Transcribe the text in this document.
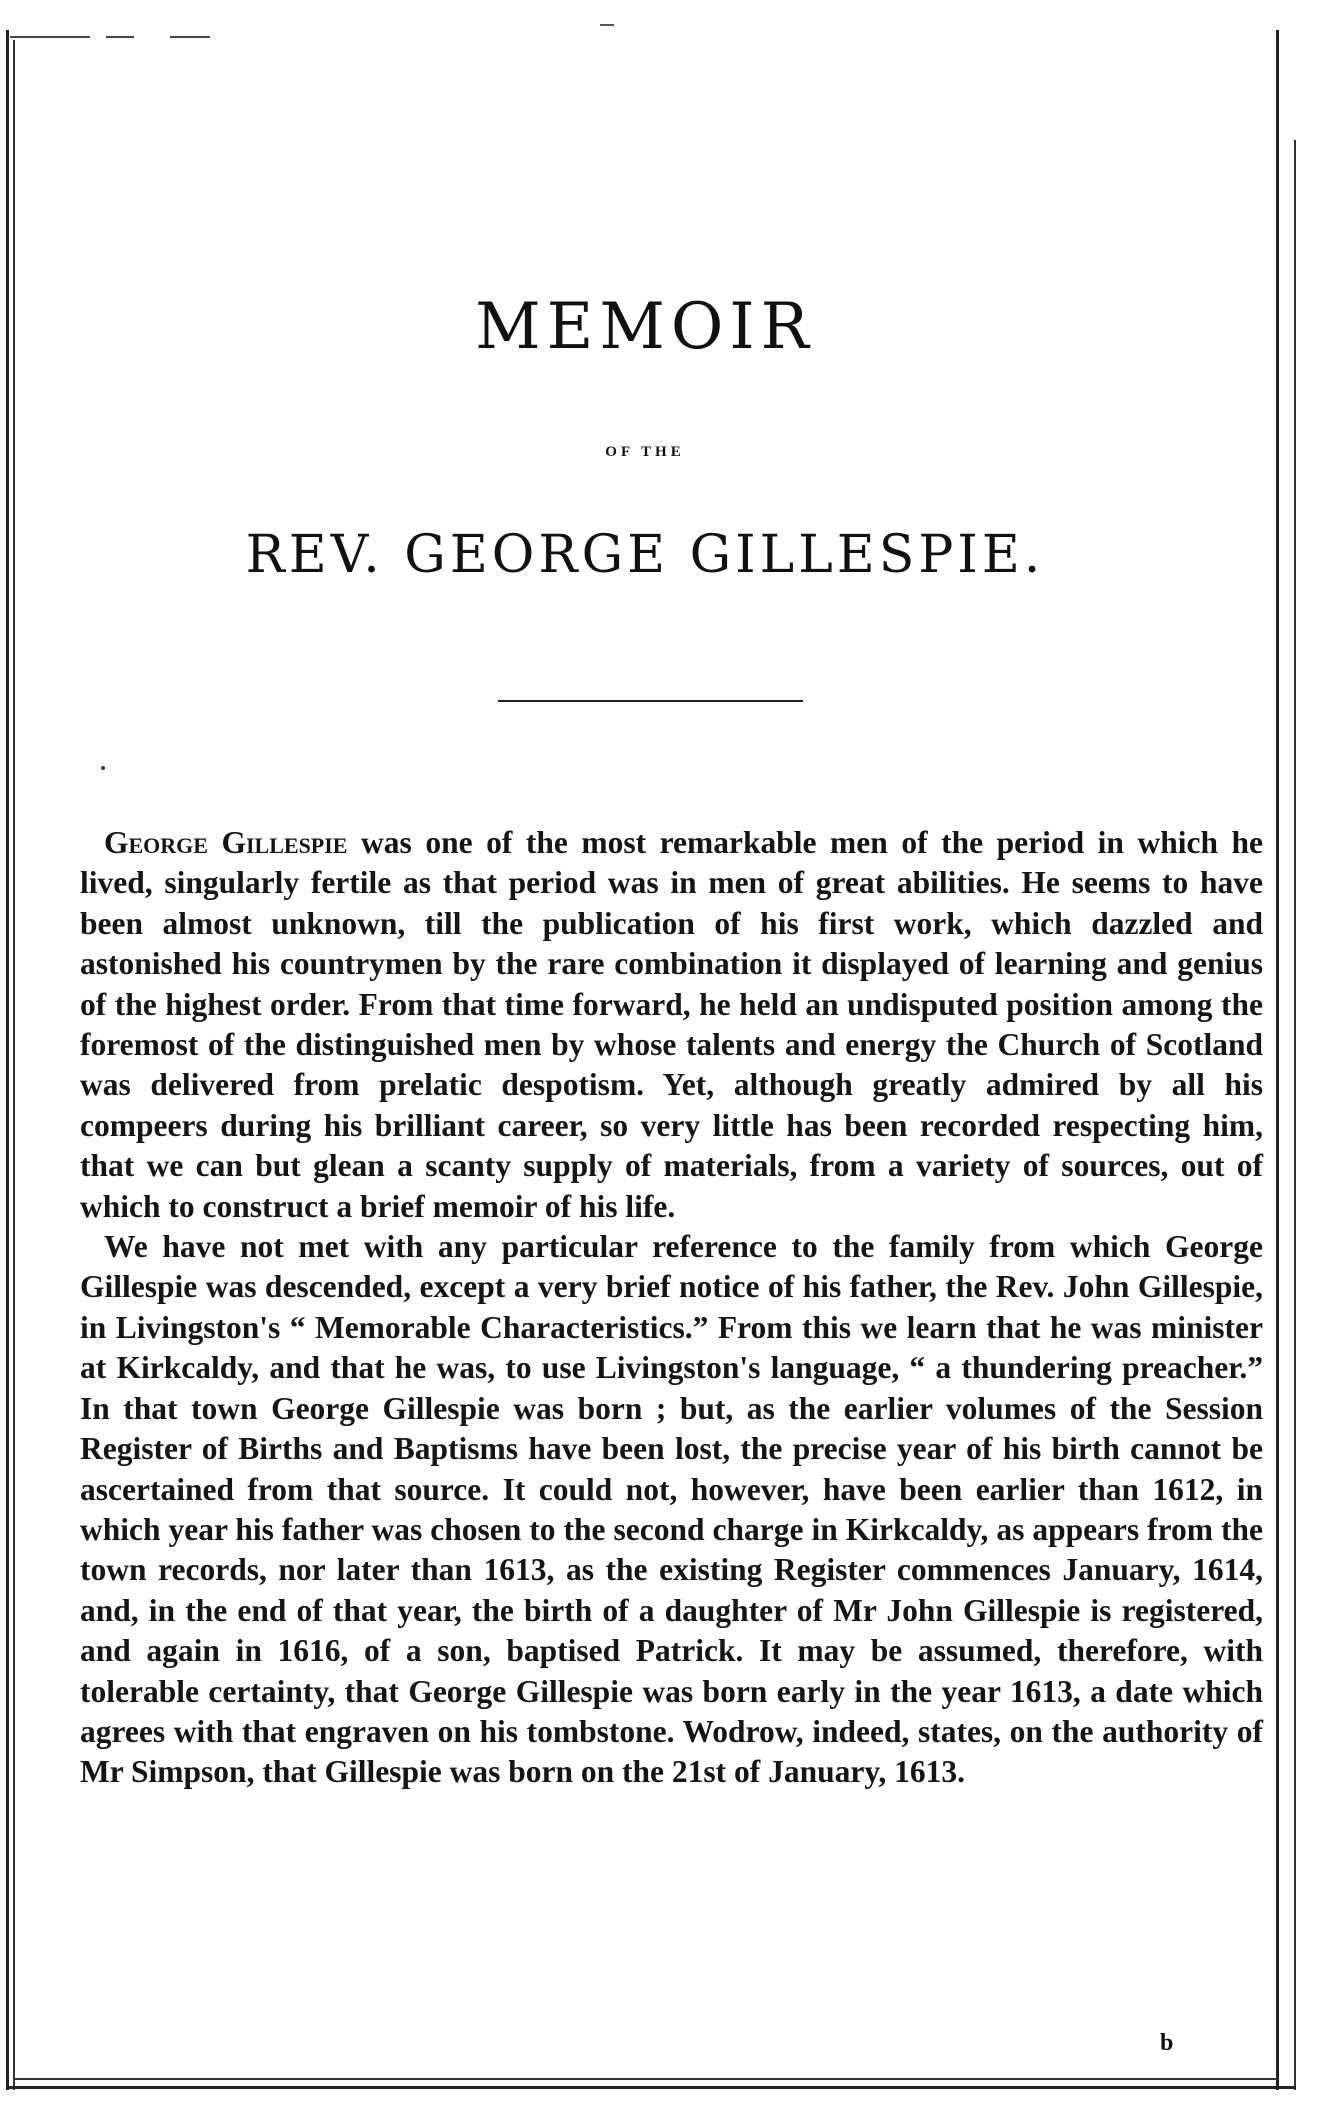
MEMOIR
OF THE
REV. GEORGE GILLESPIE.

George Gillespie was one of the most remarkable men of the period in which he lived, singularly fertile as that period was in men of great abilities. He seems to have been almost unknown, till the publication of his first work, which dazzled and astonished his countrymen by the rare combination it displayed of learning and genius of the highest order. From that time forward, he held an undisputed position among the foremost of the distinguished men by whose talents and energy the Church of Scotland was delivered from prelatic despotism. Yet, although greatly admired by all his compeers during his brilliant career, so very little has been recorded respecting him, that we can but glean a scanty supply of materials, from a variety of sources, out of which to construct a brief memoir of his life.

We have not met with any particular reference to the family from which George Gillespie was descended, except a very brief notice of his father, the Rev. John Gillespie, in Livingston's “ Memorable Characteristics.” From this we learn that he was minister at Kirkcaldy, and that he was, to use Livingston's language, “ a thundering preacher.” In that town George Gillespie was born ; but, as the earlier volumes of the Session Register of Births and Baptisms have been lost, the precise year of his birth cannot be ascertained from that source. It could not, however, have been earlier than 1612, in which year his father was chosen to the second charge in Kirkcaldy, as appears from the town records, nor later than 1613, as the existing Register commences January, 1614, and, in the end of that year, the birth of a daughter of Mr John Gillespie is registered, and again in 1616, of a son, baptised Patrick. It may be assumed, therefore, with tolerable certainty, that George Gillespie was born early in the year 1613, a date which agrees with that engraven on his tombstone. Wodrow, indeed, states, on the authority of Mr Simpson, that Gillespie was born on the 21st of January, 1613.

b
